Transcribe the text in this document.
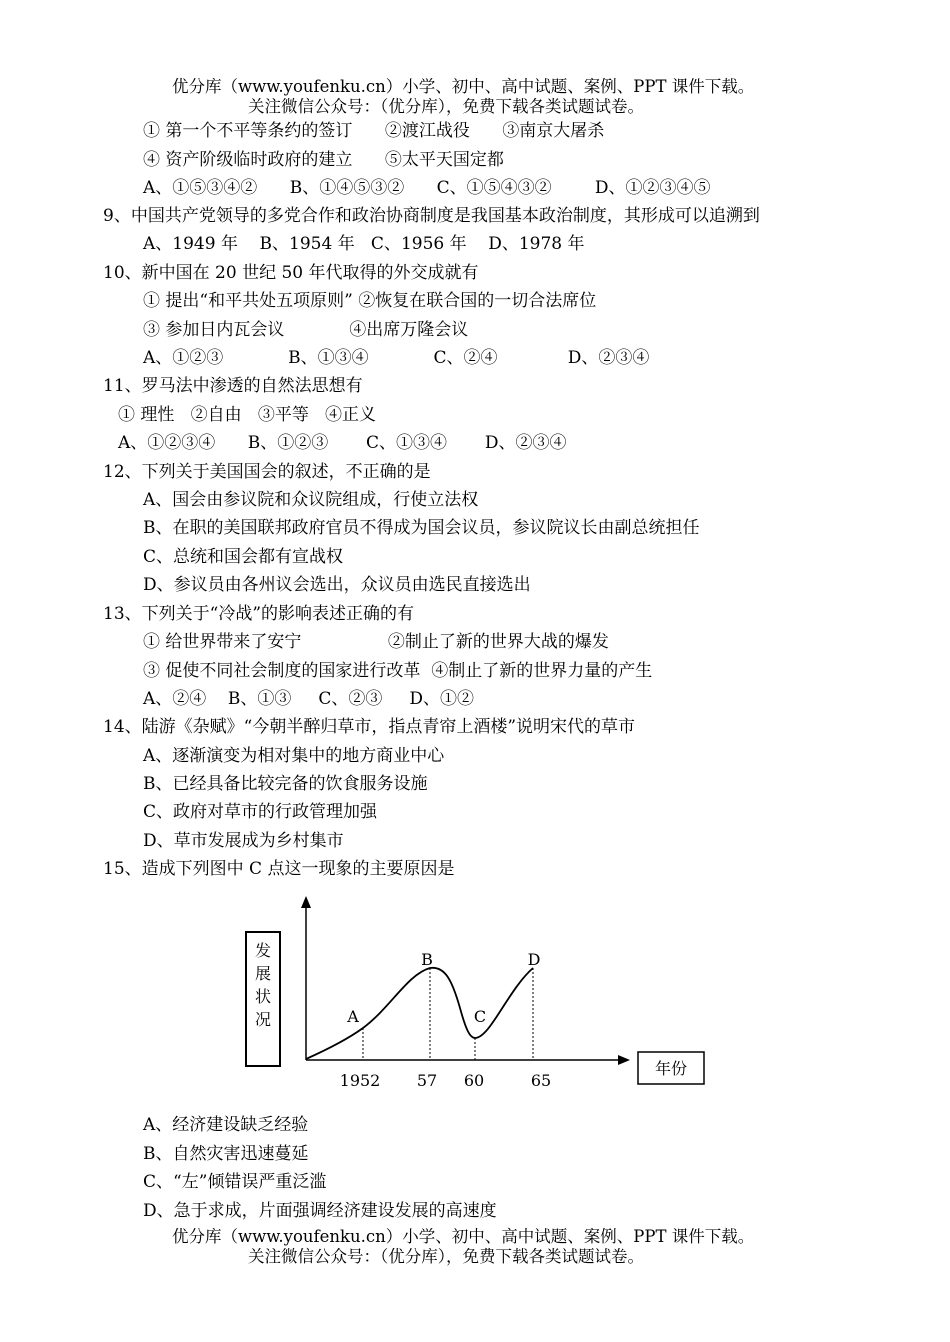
优分库（www.youfenku.cn）小学、初中、高中试题、案例、PPT 课件下载。
关注微信公众号：（优分库），免费下载各类试题试卷。
① 第一个不平等条约的签订      ②渡江战役      ③南京大屠杀
④ 资产阶级临时政府的建立      ⑤太平天国定都
A、①⑤③④②      B、①④⑤③②      C、①⑤④③②        D、①②③④⑤
9、中国共产党领导的多党合作和政治协商制度是我国基本政治制度，其形成可以追溯到
A、1949 年    B、1954 年   C、1956 年    D、1978 年
10、新中国在 20 世纪 50 年代取得的外交成就有
① 提出“和平共处五项原则” ②恢复在联合国的一切合法席位
③ 参加日内瓦会议            ④出席万隆会议
A、①②③            B、①③④            C、②④             D、②③④
11、罗马法中渗透的自然法思想有
① 理性   ②自由   ③平等   ④正义
A、①②③④      B、①②③       C、①③④       D、②③④
12、下列关于美国国会的叙述，不正确的是
A、国会由参议院和众议院组成，行使立法权
B、在职的美国联邦政府官员不得成为国会议员，参议院议长由副总统担任
C、总统和国会都有宣战权
D、参议员由各州议会选出，众议员由选民直接选出
13、下列关于“冷战”的影响表述正确的有
① 给世界带来了安宁                ②制止了新的世界大战的爆发
③ 促使不同社会制度的国家进行改革  ④制止了新的世界力量的产生
A、②④    B、①③     C、②③     D、①②
14、陆游《杂赋》“今朝半醉归草市，指点青帘上酒楼”说明宋代的草市
A、逐渐演变为相对集中的地方商业中心
B、已经具备比较完备的饮食服务设施
C、政府对草市的行政管理加强
D、草市发展成为乡村集市
15、造成下列图中 C 点这一现象的主要原因是
发
展
状
况
年份
A
B
C
D
1952 57 60	65
A、经济建设缺乏经验
B、自然灾害迅速蔓延
C、“左”倾错误严重泛滥
D、急于求成，片面强调经济建设发展的高速度
优分库（www.youfenku.cn）小学、初中、高中试题、案例、PPT 课件下载。
关注微信公众号：（优分库），免费下载各类试题试卷。
